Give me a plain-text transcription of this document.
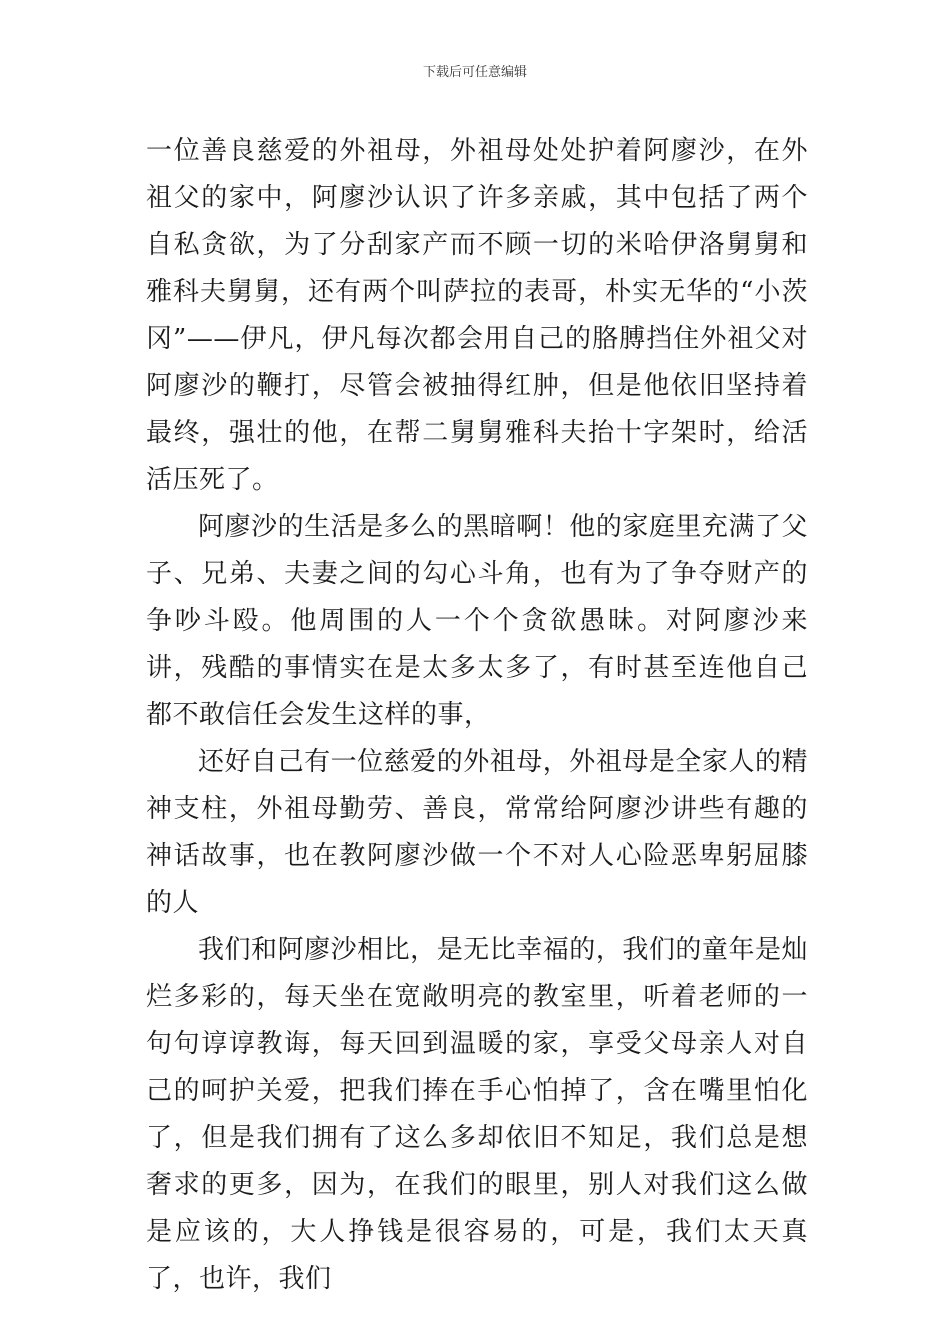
下载后可任意编辑

一位善良慈爱的外祖母，外祖母处处护着阿廖沙，在外祖父的家中，阿廖沙认识了许多亲戚，其中包括了两个自私贪欲，为了分刮家产而不顾一切的米哈伊洛舅舅和雅科夫舅舅，还有两个叫萨拉的表哥，朴实无华的“小茨冈”——伊凡，伊凡每次都会用自己的胳膊挡住外祖父对阿廖沙的鞭打，尽管会被抽得红肿，但是他依旧坚持着最终，强壮的他，在帮二舅舅雅科夫抬十字架时，给活活压死了。

阿廖沙的生活是多么的黑暗啊！他的家庭里充满了父子、兄弟、夫妻之间的勾心斗角，也有为了争夺财产的争吵斗殴。他周围的人一个个贪欲愚昧。对阿廖沙来讲，残酷的事情实在是太多太多了，有时甚至连他自己都不敢信任会发生这样的事，

还好自己有一位慈爱的外祖母，外祖母是全家人的精神支柱，外祖母勤劳、善良，常常给阿廖沙讲些有趣的神话故事，也在教阿廖沙做一个不对人心险恶卑躬屈膝的人

我们和阿廖沙相比，是无比幸福的，我们的童年是灿烂多彩的，每天坐在宽敞明亮的教室里，听着老师的一句句谆谆教诲，每天回到温暖的家，享受父母亲人对自己的呵护关爱，把我们捧在手心怕掉了，含在嘴里怕化了，但是我们拥有了这么多却依旧不知足，我们总是想奢求的更多，因为，在我们的眼里，别人对我们这么做是应该的，大人挣钱是很容易的，可是，我们太天真了，也许，我们
